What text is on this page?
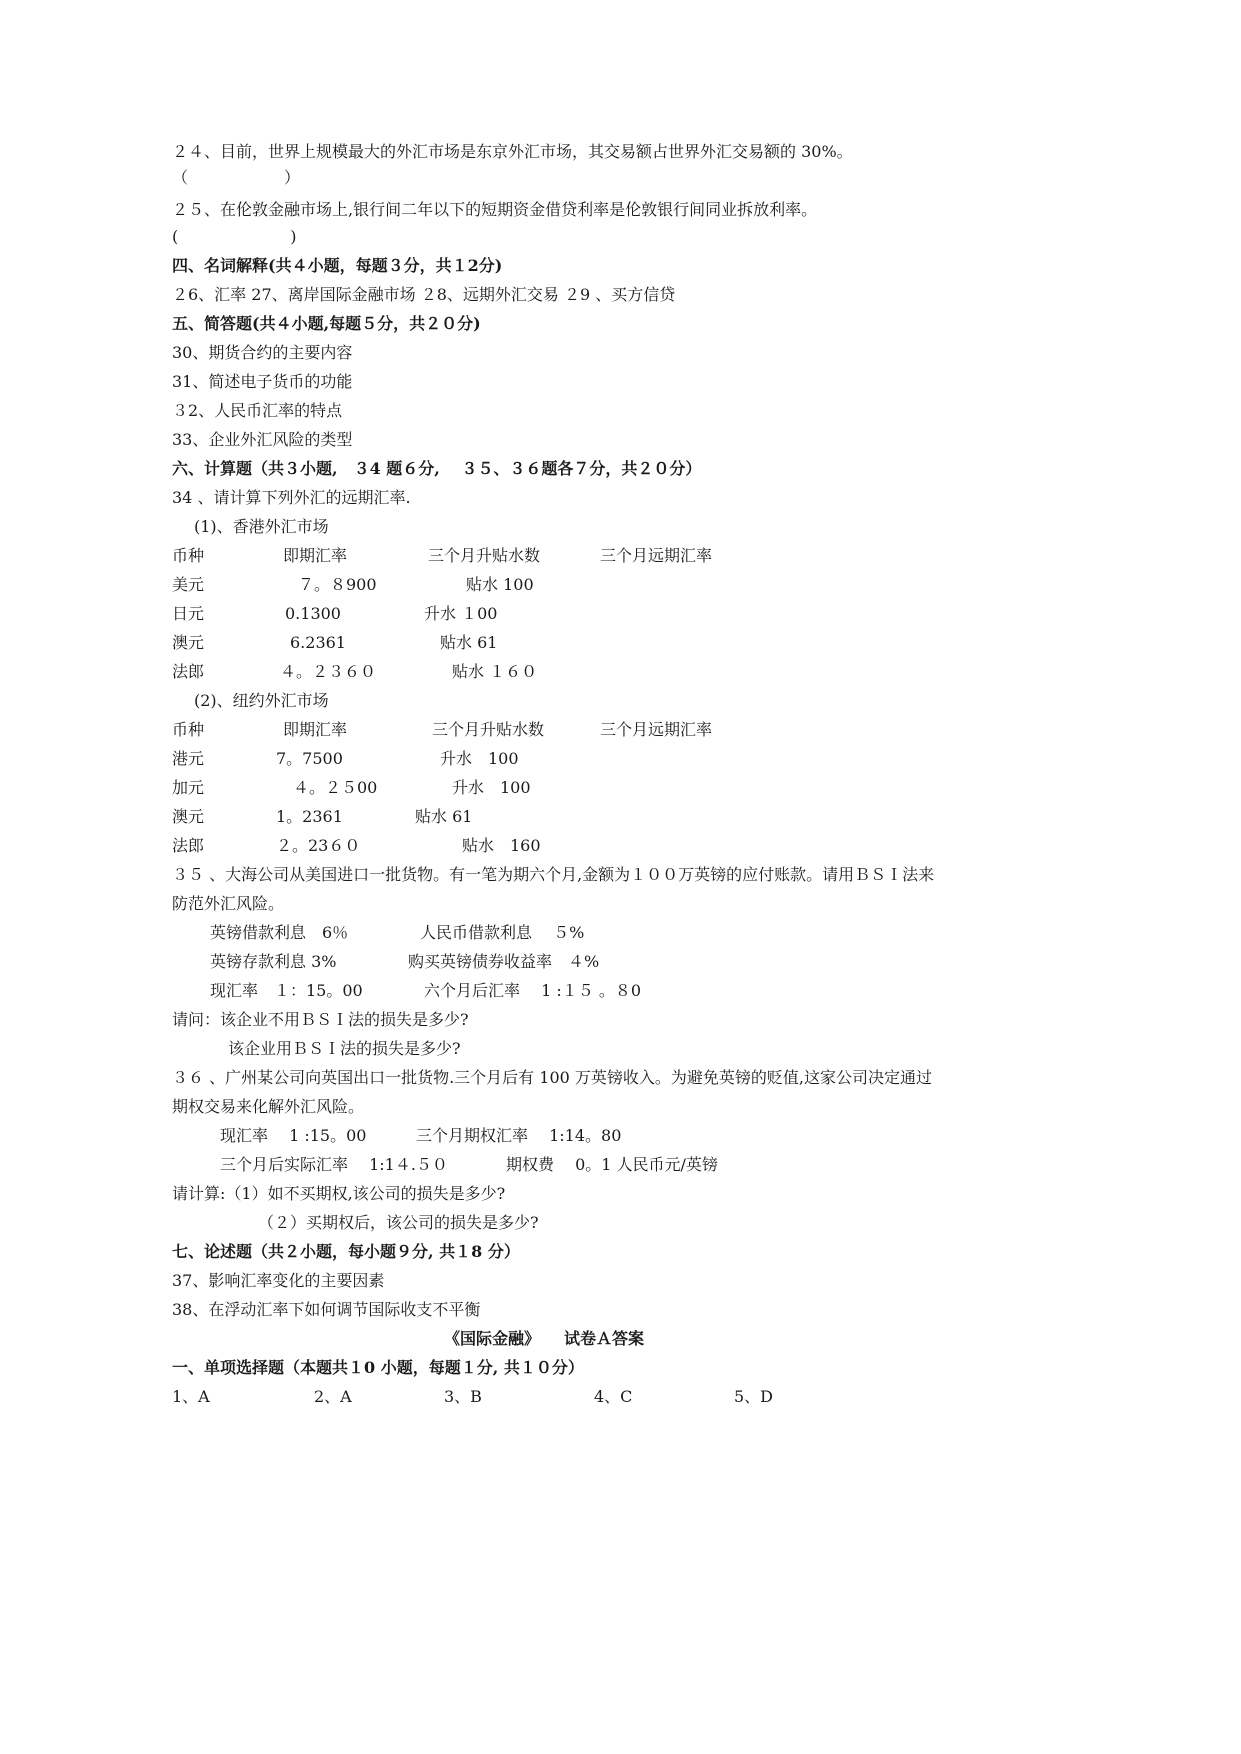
２４、目前，世界上规模最大的外汇市场是东京外汇市场，其交易额占世界外汇交易额的 30%。
（　　　　　　）
２５、在伦敦金融市场上,银行间二年以下的短期资金借贷利率是伦敦银行间同业拆放利率。
(　　　　　　　)
四、名词解释(共４小题，每题３分，共１2分)
２6、汇率 27、离岸国际金融市场 ２8、远期外汇交易 ２9 、买方信贷
五、简答题(共４小题,每题５分，共２０分)
30、期货合约的主要内容
31、简述电子货币的功能
３2、人民币汇率的特点
33、企业外汇风险的类型
六、计算题（共３小题,　３4 题６分,　 ３５、３６题各７分，共２０分）
34 、请计算下列外汇的远期汇率.
(1)、香港外汇市场
币种	即期汇率	三个月升贴水数	三个月远期汇率
美元	７。８900	贴水 100
日元	0.1300	升水 １00
澳元	6.2361	贴水 61
法郎	４。２３６０	贴水 １６０
(2)、纽约外汇市场
币种	即期汇率	三个月升贴水数	三个月远期汇率
港元	7。7500	升水　100
加元	４。２５00	升水　100
澳元	1。2361	贴水 61
法郎	２。23６０	贴水　160
３５ 、大海公司从美国进口一批货物。有一笔为期六个月,金额为１００万英镑的应付账款。请用ＢＳＩ法来
防范外汇风险。
英镑借款利息　6％	人民币借款利息　 ５%
英镑存款利息 3%	购买英镑债券收益率　４%
现汇率　１：15。00	六个月后汇率　 1 :１５ 。８0
请问：该企业不用ＢＳＩ法的损失是多少?
该企业用ＢＳＩ法的损失是多少?
３６ 、广州某公司向英国出口一批货物.三个月后有 100 万英镑收入。为避免英镑的贬值,这家公司决定通过
期权交易来化解外汇风险。
现汇率　 1 :15。00	三个月期权汇率　 1:14。80
三个月后实际汇率　 1:1４.５０	期权费　 0。1 人民币元/英镑
请计算:（1）如不买期权,该公司的损失是多少?
（２）买期权后，该公司的损失是多少?
七、论述题（共２小题，每小题９分, 共１8 分）
37、影响汇率变化的主要因素
38、在浮动汇率下如何调节国际收支不平衡
《国际金融》　　试卷Ａ答案
一、单项选择题（本题共１0 小题，每题１分, 共１０分）
1、A	2、A	3、B	4、C	5、D
